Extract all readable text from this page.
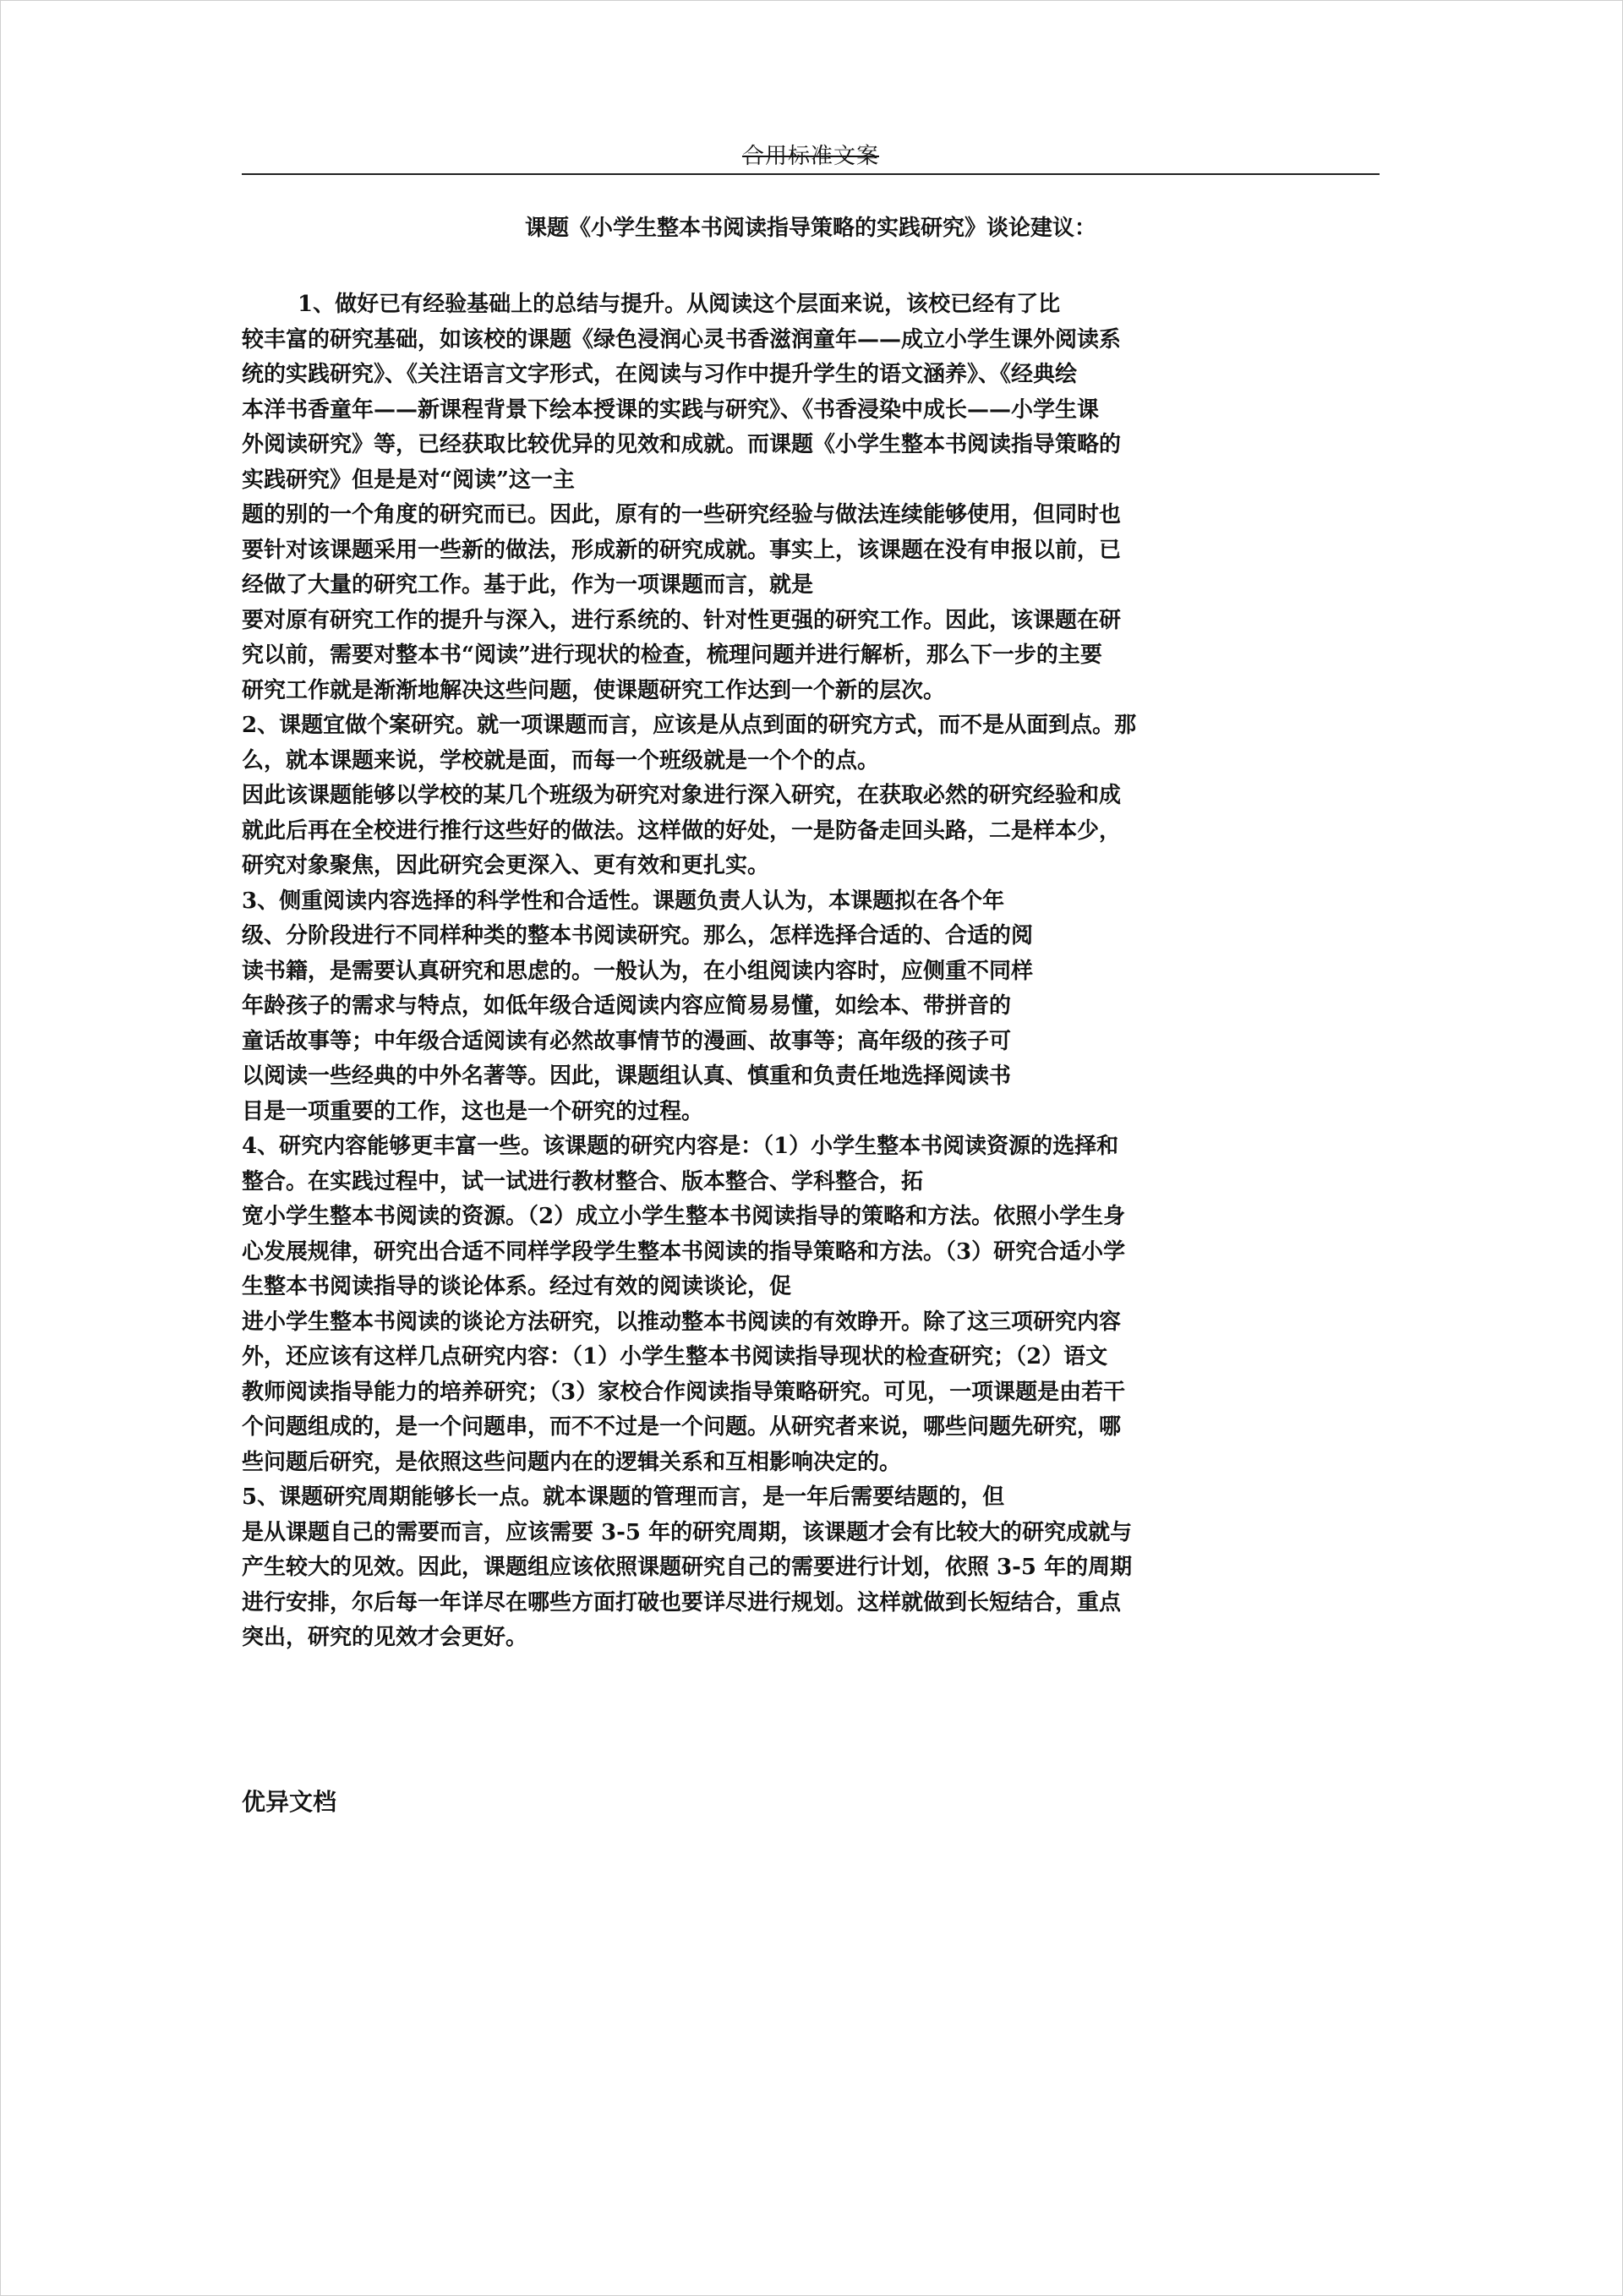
合用标准文案
课题《小学生整本书阅读指导策略的实践研究》谈论建议：
1、做好已有经验基础上的总结与提升。从阅读这个层面来说，该校已经有了比
较丰富的研究基础，如该校的课题《绿色浸润心灵书香滋润童年——成立小学生课外阅读系
统的实践研究》、《关注语言文字形式，在阅读与习作中提升学生的语文涵养》、《经典绘
本洋书香童年——新课程背景下绘本授课的实践与研究》、《书香浸染中成长——小学生课
外阅读研究》等，已经获取比较优异的见效和成就。而课题《小学生整本书阅读指导策略的
实践研究》但是是对“阅读”这一主
题的别的一个角度的研究而已。因此，原有的一些研究经验与做法连续能够使用，但同时也
要针对该课题采用一些新的做法，形成新的研究成就。事实上，该课题在没有申报以前，已
经做了大量的研究工作。基于此，作为一项课题而言，就是
要对原有研究工作的提升与深入，进行系统的、针对性更强的研究工作。因此，该课题在研
究以前，需要对整本书“阅读”进行现状的检查，梳理问题并进行解析，那么下一步的主要
研究工作就是渐渐地解决这些问题，使课题研究工作达到一个新的层次。
2、课题宜做个案研究。就一项课题而言，应该是从点到面的研究方式，而不是从面到点。那
么，就本课题来说，学校就是面，而每一个班级就是一个个的点。
因此该课题能够以学校的某几个班级为研究对象进行深入研究，在获取必然的研究经验和成
就此后再在全校进行推行这些好的做法。这样做的好处，一是防备走回头路，二是样本少，
研究对象聚焦，因此研究会更深入、更有效和更扎实。
3、侧重阅读内容选择的科学性和合适性。课题负责人认为，本课题拟在各个年
级、分阶段进行不同样种类的整本书阅读研究。那么，怎样选择合适的、合适的阅
读书籍，是需要认真研究和思虑的。一般认为，在小组阅读内容时，应侧重不同样
年龄孩子的需求与特点，如低年级合适阅读内容应简易易懂，如绘本、带拼音的
童话故事等；中年级合适阅读有必然故事情节的漫画、故事等；高年级的孩子可
以阅读一些经典的中外名著等。因此，课题组认真、慎重和负责任地选择阅读书
目是一项重要的工作，这也是一个研究的过程。
4、研究内容能够更丰富一些。该课题的研究内容是：（1）小学生整本书阅读资源的选择和
整合。在实践过程中，试一试进行教材整合、版本整合、学科整合，拓
宽小学生整本书阅读的资源。（2）成立小学生整本书阅读指导的策略和方法。依照小学生身
心发展规律，研究出合适不同样学段学生整本书阅读的指导策略和方法。（3）研究合适小学
生整本书阅读指导的谈论体系。经过有效的阅读谈论，促
进小学生整本书阅读的谈论方法研究，以推动整本书阅读的有效睁开。除了这三项研究内容
外，还应该有这样几点研究内容：（1）小学生整本书阅读指导现状的检查研究；（2）语文
教师阅读指导能力的培养研究；（3）家校合作阅读指导策略研究。可见，一项课题是由若干
个问题组成的，是一个问题串，而不不过是一个问题。从研究者来说，哪些问题先研究，哪
些问题后研究，是依照这些问题内在的逻辑关系和互相影响决定的。
5、课题研究周期能够长一点。就本课题的管理而言，是一年后需要结题的，但
是从课题自己的需要而言，应该需要 3-5 年的研究周期，该课题才会有比较大的研究成就与
产生较大的见效。因此，课题组应该依照课题研究自己的需要进行计划，依照 3-5 年的周期
进行安排，尔后每一年详尽在哪些方面打破也要详尽进行规划。这样就做到长短结合，重点
突出，研究的见效才会更好。
优异文档
